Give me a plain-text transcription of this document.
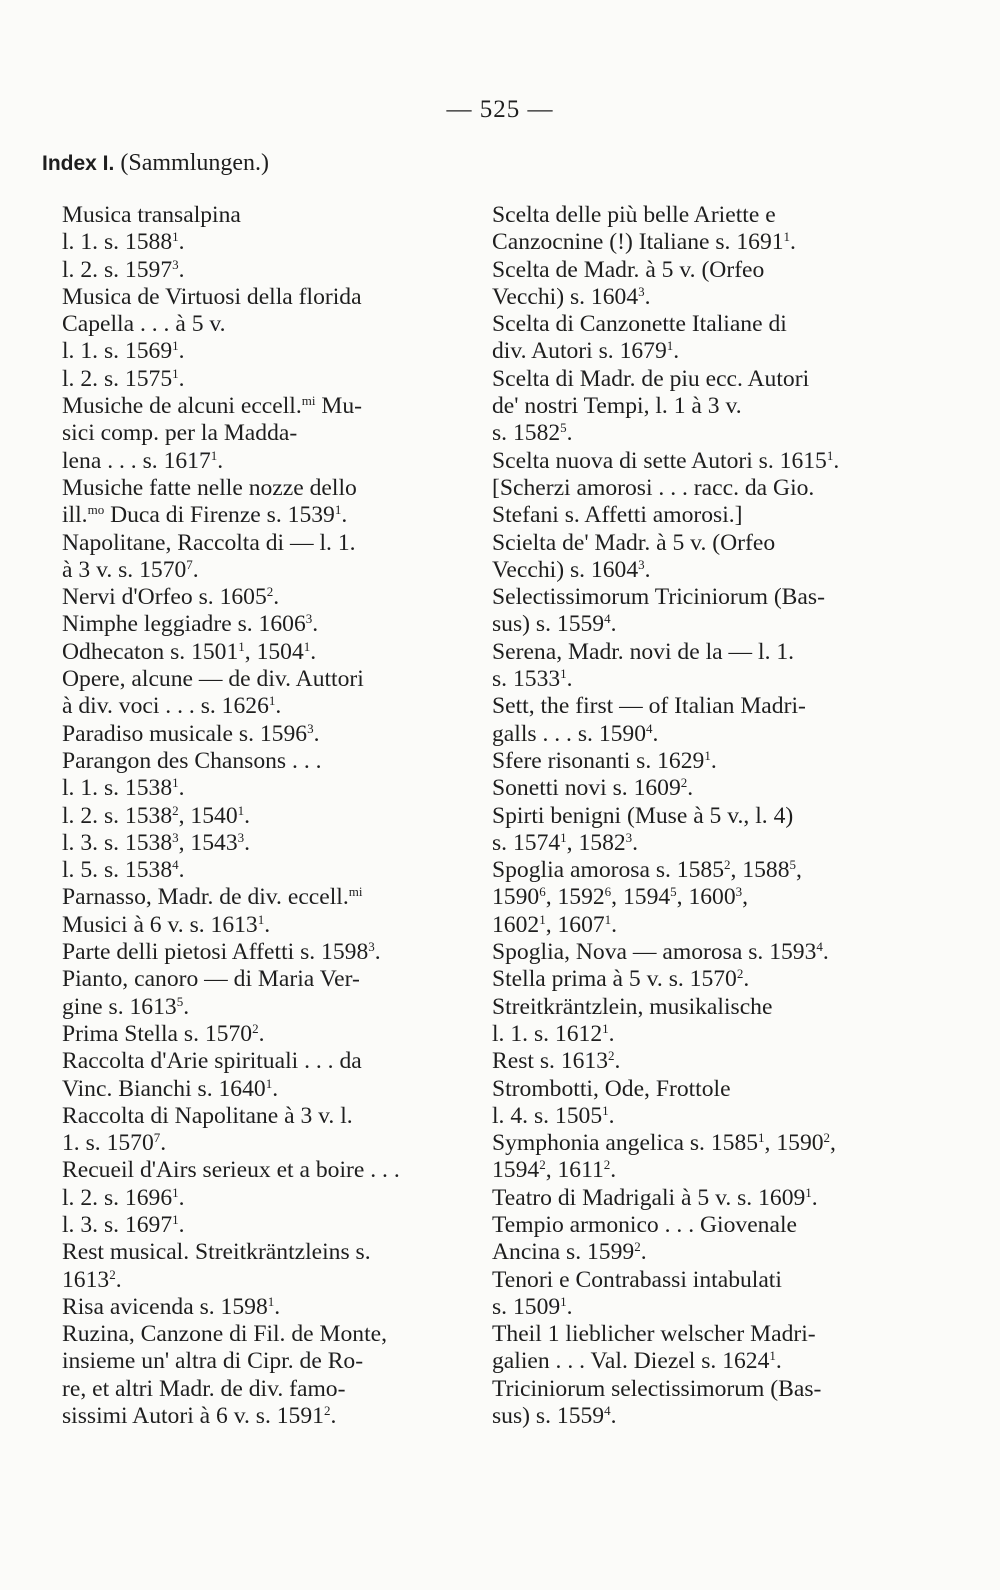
— 525 —
Index I. (Sammlungen.)
Musica transalpina
l. 1. s. 1588$^1$.
l. 2. s. 1597$^3$.
Musica de Virtuosi della florida
Capella . . . à 5 v.
l. 1. s. 1569$^1$.
l. 2. s. 1575$^1$.
Musiche de alcuni eccell.$^{mi}$ Mu-
sici comp. per la Madda-
lena . . . s. 1617$^1$.
Musiche fatte nelle nozze dello
ill.$^{mo}$ Duca di Firenze s. 1539$^1$.
Napolitane, Raccolta di — l. 1.
à 3 v. s. 1570$^7$.
Nervi d'Orfeo s. 1605$^2$.
Nimphe leggiadre s. 1606$^3$.
Odhecaton s. 1501$^1$, 1504$^1$.
Opere, alcune — de div. Auttori
à div. voci . . . s. 1626$^1$.
Paradiso musicale s. 1596$^3$.
Parangon des Chansons . . .
l. 1. s. 1538$^1$.
l. 2. s. 1538$^2$, 1540$^1$.
l. 3. s. 1538$^3$, 1543$^3$.
l. 5. s. 1538$^4$.
Parnasso, Madr. de div. eccell.$^{mi}$
Musici à 6 v. s. 1613$^1$.
Parte delli pietosi Affetti s. 1598$^3$.
Pianto, canoro — di Maria Ver-
gine s. 1613$^5$.
Prima Stella s. 1570$^2$.
Raccolta d'Arie spirituali . . . da
Vinc. Bianchi s. 1640$^1$.
Raccolta di Napolitane à 3 v. l.
1. s. 1570$^7$.
Recueil d'Airs serieux et a boire . . .
l. 2. s. 1696$^1$.
l. 3. s. 1697$^1$.
Rest musical. Streitkräntzleins s.
1613$^2$.
Risa avicenda s. 1598$^1$.
Ruzina, Canzone di Fil. de Monte,
insieme un' altra di Cipr. de Ro-
re, et altri Madr. de div. famo-
sissimi Autori à 6 v. s. 1591$^2$.
Scelta delle più belle Ariette e
Canzocnine (!) Italiane s. 1691$^1$.
Scelta de Madr. à 5 v. (Orfeo
Vecchi) s. 1604$^3$.
Scelta di Canzonette Italiane di
div. Autori s. 1679$^1$.
Scelta di Madr. de piu ecc. Autori
de' nostri Tempi, l. 1 à 3 v.
s. 1582$^5$.
Scelta nuova di sette Autori s. 1615$^1$.
[Scherzi amorosi . . . racc. da Gio.
Stefani s. Affetti amorosi.]
Scielta de' Madr. à 5 v. (Orfeo
Vecchi) s. 1604$^3$.
Selectissimorum Triciniorum (Bas-
sus) s. 1559$^4$.
Serena, Madr. novi de la — l. 1.
s. 1533$^1$.
Sett, the first — of Italian Madri-
galls . . . s. 1590$^4$.
Sfere risonanti s. 1629$^1$.
Sonetti novi s. 1609$^2$.
Spirti benigni (Muse à 5 v., l. 4)
s. 1574$^1$, 1582$^3$.
Spoglia amorosa s. 1585$^2$, 1588$^5$,
1590$^6$, 1592$^6$, 1594$^5$, 1600$^3$,
1602$^1$, 1607$^1$.
Spoglia, Nova — amorosa s. 1593$^4$.
Stella prima à 5 v. s. 1570$^2$.
Streitkräntzlein, musikalische
l. 1. s. 1612$^1$.
Rest s. 1613$^2$.
Strombotti, Ode, Frottole
l. 4. s. 1505$^1$.
Symphonia angelica s. 1585$^1$, 1590$^2$,
1594$^2$, 1611$^2$.
Teatro di Madrigali à 5 v. s. 1609$^1$.
Tempio armonico . . . Giovenale
Ancina s. 1599$^2$.
Tenori e Contrabassi intabulati
s. 1509$^1$.
Theil 1 lieblicher welscher Madri-
galien . . . Val. Diezel s. 1624$^1$.
Triciniorum selectissimorum (Bas-
sus) s. 1559$^4$.
